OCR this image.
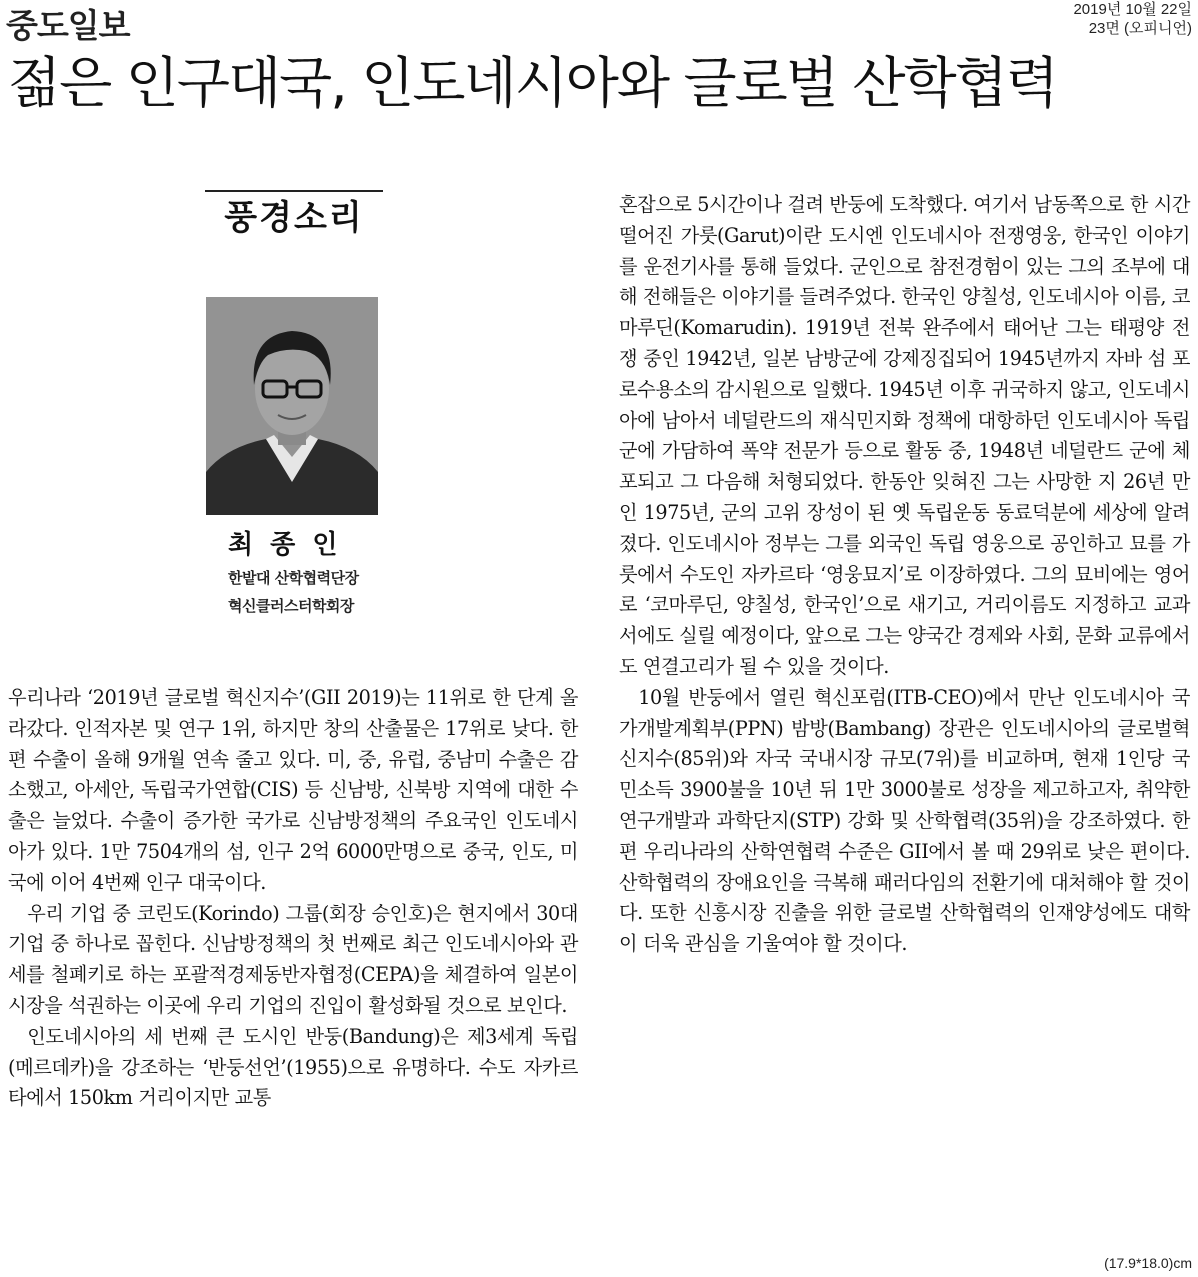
중도일보	2019년 10월 22일
23면 (오피니언)
젊은 인구대국, 인도네시아와 글로벌 산학협력
풍경소리
최 종 인
한밭대 산학협력단장
혁신클러스터학회장

우리나라 ‘2019년 글로벌 혁신지수’(GII 2019)는 11위로 한 단계 올라갔다. 인적자본 및 연구 1위, 하지만 창의 산출물은 17위로 낮다. 한편 수출이 올해 9개월 연속 줄고 있다. 미, 중, 유럽, 중남미 수출은 감소했고, 아세안, 독립국가연합(CIS) 등 신남방, 신북방 지역에 대한 수출은 늘었다. 수출이 증가한 국가로 신남방정책의 주요국인 인도네시아가 있다. 1만 7504개의 섬, 인구 2억 6000만명으로 중국, 인도, 미국에 이어 4번째 인구 대국이다.

우리 기업 중 코린도(Korindo) 그룹(회장 승인호)은 현지에서 30대기업 중 하나로 꼽힌다. 신남방정책의 첫 번째로 최근 인도네시아와 관세를 철폐키로 하는 포괄적경제동반자협정(CEPA)을 체결하여 일본이 시장을 석권하는 이곳에 우리 기업의 진입이 활성화될 것으로 보인다.

인도네시아의 세 번째 큰 도시인 반둥(Bandung)은 제3세계 독립(메르데카)을 강조하는 ‘반둥선언’(1955)으로 유명하다. 수도 자카르타에서 150km 거리이지만 교통

혼잡으로 5시간이나 걸려 반둥에 도착했다. 여기서 남동쪽으로 한 시간 떨어진 가룻(Garut)이란 도시엔 인도네시아 전쟁영웅, 한국인 이야기를 운전기사를 통해 들었다. 군인으로 참전경험이 있는 그의 조부에 대해 전해들은 이야기를 들려주었다. 한국인 양칠성, 인도네시아 이름, 코마루딘(Komarudin). 1919년 전북 완주에서 태어난 그는 태평양 전쟁 중인 1942년, 일본 남방군에 강제징집되어 1945년까지 자바 섬 포로수용소의 감시원으로 일했다. 1945년 이후 귀국하지 않고, 인도네시아에 남아서 네덜란드의 재식민지화 정책에 대항하던 인도네시아 독립군에 가담하여 폭약 전문가 등으로 활동 중, 1948년 네덜란드 군에 체포되고 그 다음해 처형되었다. 한동안 잊혀진 그는 사망한 지 26년 만인 1975년, 군의 고위 장성이 된 옛 독립운동 동료덕분에 세상에 알려졌다. 인도네시아 정부는 그를 외국인 독립 영웅으로 공인하고 묘를 가룻에서 수도인 자카르타 ‘영웅묘지’로 이장하였다. 그의 묘비에는 영어로 ‘코마루딘, 양칠성, 한국인’으로 새기고, 거리이름도 지정하고 교과서에도 실릴 예정이다, 앞으로 그는 양국간 경제와 사회, 문화 교류에서도 연결고리가 될 수 있을 것이다.

10월 반둥에서 열린 혁신포럼(ITB-CEO)에서 만난 인도네시아 국가개발계획부(PPN) 밤방(Bambang) 장관은 인도네시아의 글로벌혁신지수(85위)와 자국 국내시장 규모(7위)를 비교하며, 현재 1인당 국민소득 3900불을 10년 뒤 1만 3000불로 성장을 제고하고자, 취약한 연구개발과 과학단지(STP) 강화 및 산학협력(35위)을 강조하였다. 한편 우리나라의 산학연협력 수준은 GII에서 볼 때 29위로 낮은 편이다. 산학협력의 장애요인을 극복해 패러다임의 전환기에 대처해야 할 것이다. 또한 신흥시장 진출을 위한 글로벌 산학협력의 인재양성에도 대학이 더욱 관심을 기울여야 할 것이다.

(17.9*18.0)cm
